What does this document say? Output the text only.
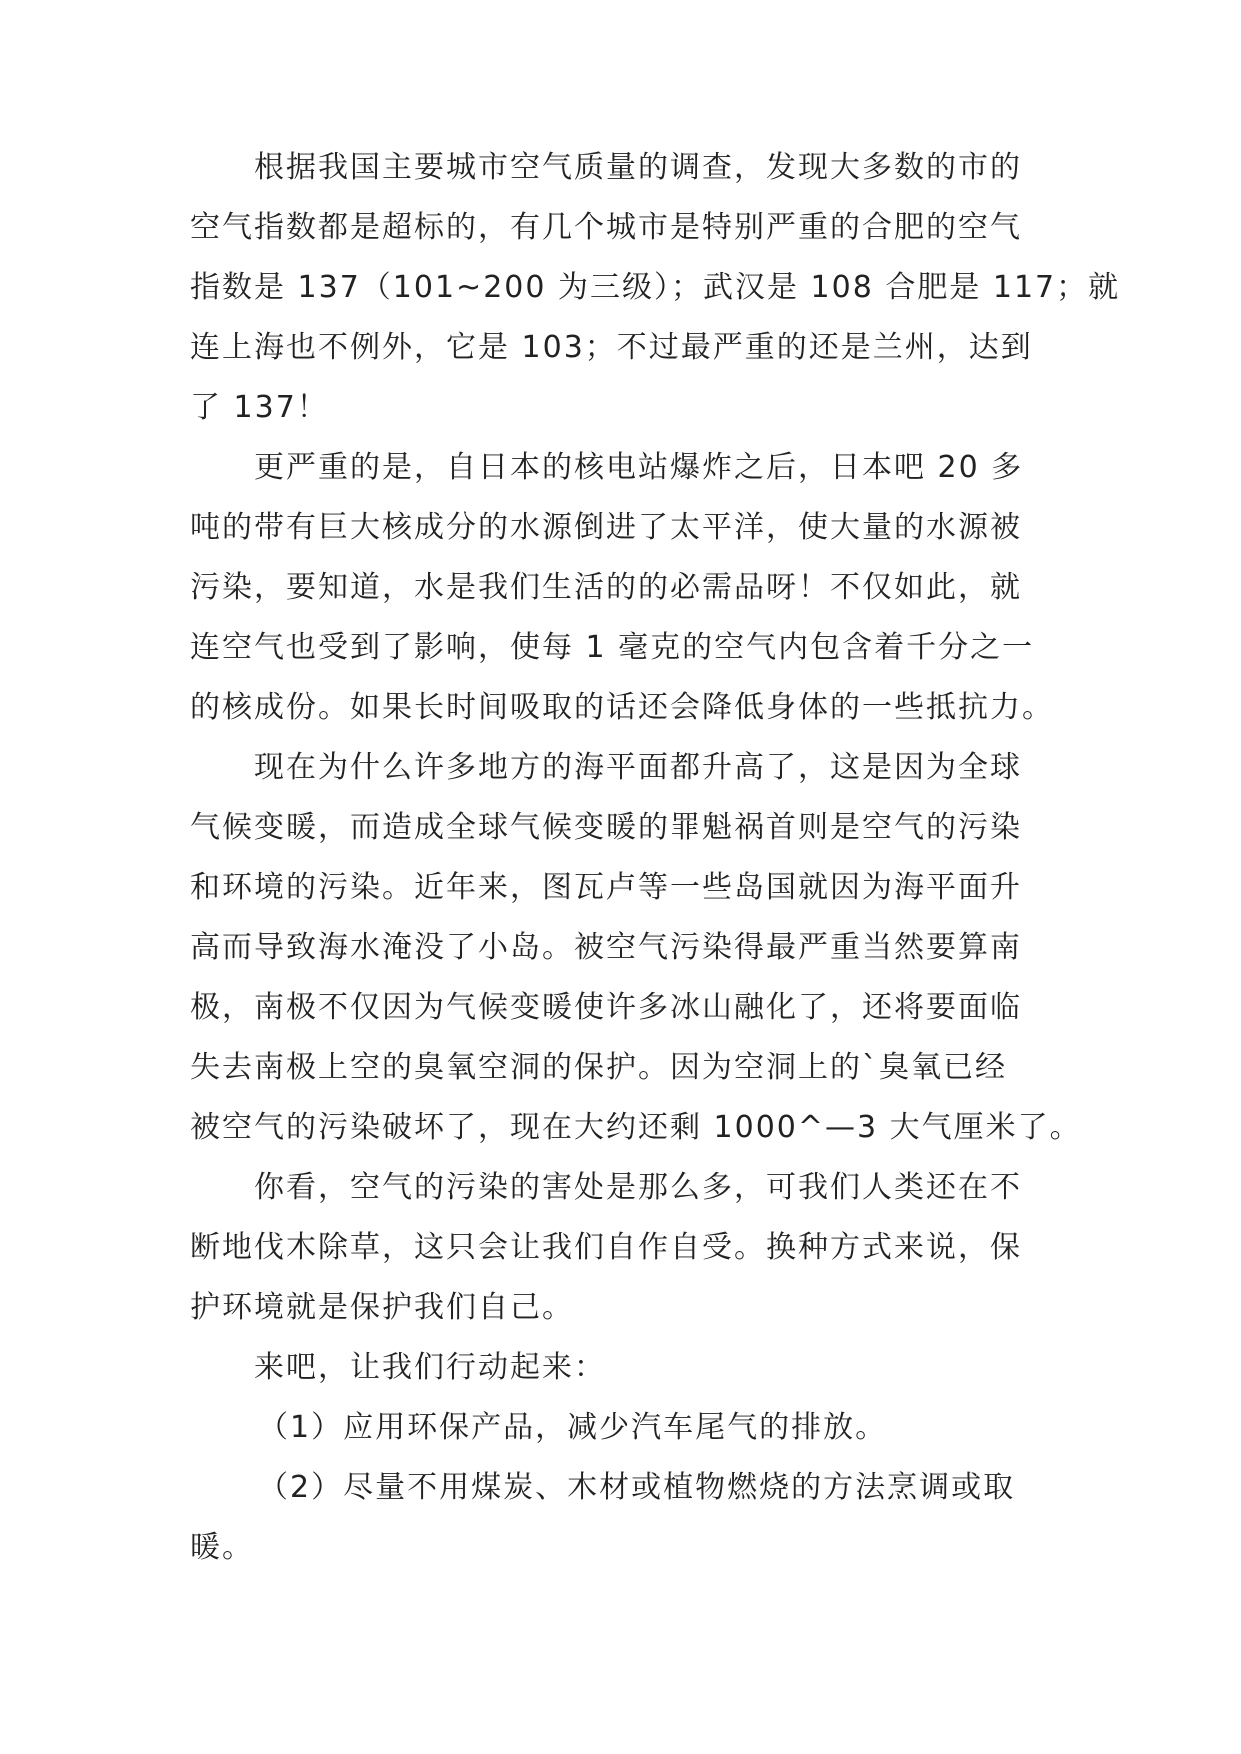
根据我国主要城市空气质量的调查，发现大多数的市的
空气指数都是超标的，有几个城市是特别严重的合肥的空气
指数是 137（101~200 为三级）；武汉是 108 合肥是 117；就
连上海也不例外，它是 103；不过最严重的还是兰州，达到
了 137！
更严重的是，自日本的核电站爆炸之后，日本吧 20 多
吨的带有巨大核成分的水源倒进了太平洋，使大量的水源被
污染，要知道，水是我们生活的的必需品呀！不仅如此，就
连空气也受到了影响，使每 1 毫克的空气内包含着千分之一
的核成份。如果长时间吸取的话还会降低身体的一些抵抗力。
现在为什么许多地方的海平面都升高了，这是因为全球
气候变暖，而造成全球气候变暖的罪魁祸首则是空气的污染
和环境的污染。近年来，图瓦卢等一些岛国就因为海平面升
高而导致海水淹没了小岛。被空气污染得最严重当然要算南
极，南极不仅因为气候变暖使许多冰山融化了，还将要面临
失去南极上空的臭氧空洞的保护。因为空洞上的`臭氧已经
被空气的污染破坏了，现在大约还剩 1000^—3 大气厘米了。
你看，空气的污染的害处是那么多，可我们人类还在不
断地伐木除草，这只会让我们自作自受。换种方式来说，保
护环境就是保护我们自己。
来吧，让我们行动起来：
（1）应用环保产品，减少汽车尾气的排放。
（2）尽量不用煤炭、木材或植物燃烧的方法烹调或取
暖。
